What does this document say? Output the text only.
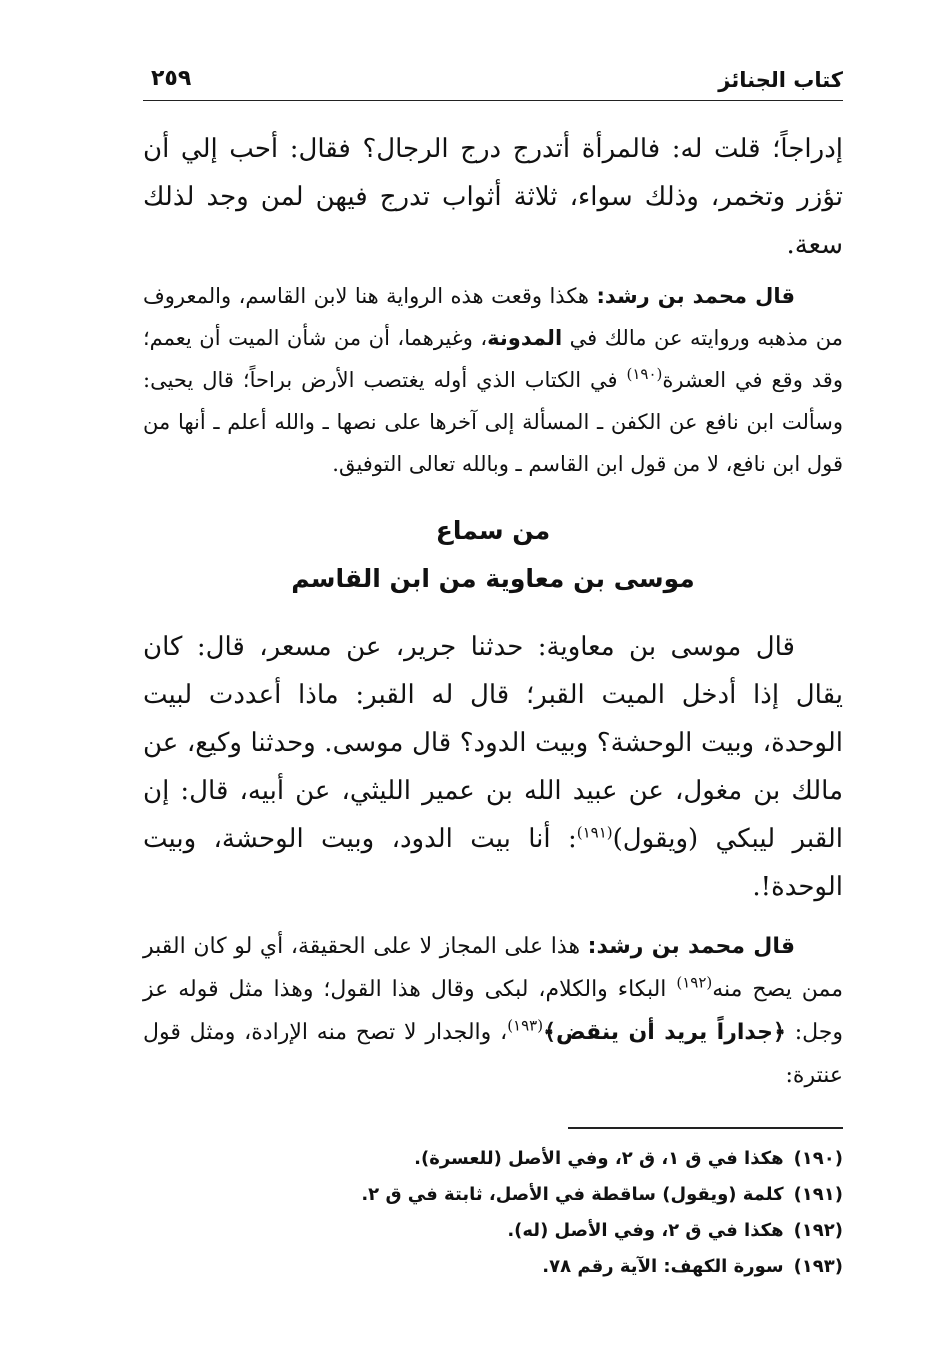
كتاب الجنائز
٢٥٩

إدراجاً؛ قلت له: فالمرأة أتدرج درج الرجال؟ فقال: أحب إلي أن تؤزر وتخمر، وذلك سواء، ثلاثة أثواب تدرج فيهن لمن وجد لذلك سعة.

قال محمد بن رشد: هكذا وقعت هذه الرواية هنا لابن القاسم، والمعروف من مذهبه وروايته عن مالك في المدونة، وغيرهما، أن من شأن الميت أن يعمم؛ وقد وقع في العشرة$^{(١٩٠)}$ في الكتاب الذي أوله يغتصب الأرض براحاً؛ قال يحيى: وسألت ابن نافع عن الكفن ـ المسألة إلى آخرها على نصها ـ والله أعلم ـ أنها من قول ابن نافع، لا من قول ابن القاسم ـ وبالله تعالى التوفيق.

من سماع
موسى بن معاوية من ابن القاسم

قال موسى بن معاوية: حدثنا جرير، عن مسعر، قال: كان يقال إذا أدخل الميت القبر؛ قال له القبر: ماذا أعددت لبيت الوحدة، وبيت الوحشة؟ وبيت الدود؟ قال موسى. وحدثنا وكيع، عن مالك بن مغول، عن عبيد الله بن عمير الليثي، عن أبيه، قال: إن القبر ليبكي (ويقول)$^{(١٩١)}$: أنا بيت الدود، وبيت الوحشة، وبيت الوحدة!.

قال محمد بن رشد: هذا على المجاز لا على الحقيقة، أي لو كان القبر ممن يصح منه$^{(١٩٢)}$ البكاء والكلام، لبكى وقال هذا القول؛ وهذا مثل قوله عز وجل: ﴿جداراً يريد أن ينقض﴾$^{(١٩٣)}$، والجدار لا تصح منه الإرادة، ومثل قول عنترة:

(١٩٠)هكذا في ق ١، ق ٢، وفي الأصل (للعسرة).
(١٩١)كلمة (ويقول) ساقطة في الأصل، ثابتة في ق ٢.
(١٩٢)هكذا في ق ٢، وفي الأصل (له).
(١٩٣)سورة الكهف: الآية رقم ٧٨.
